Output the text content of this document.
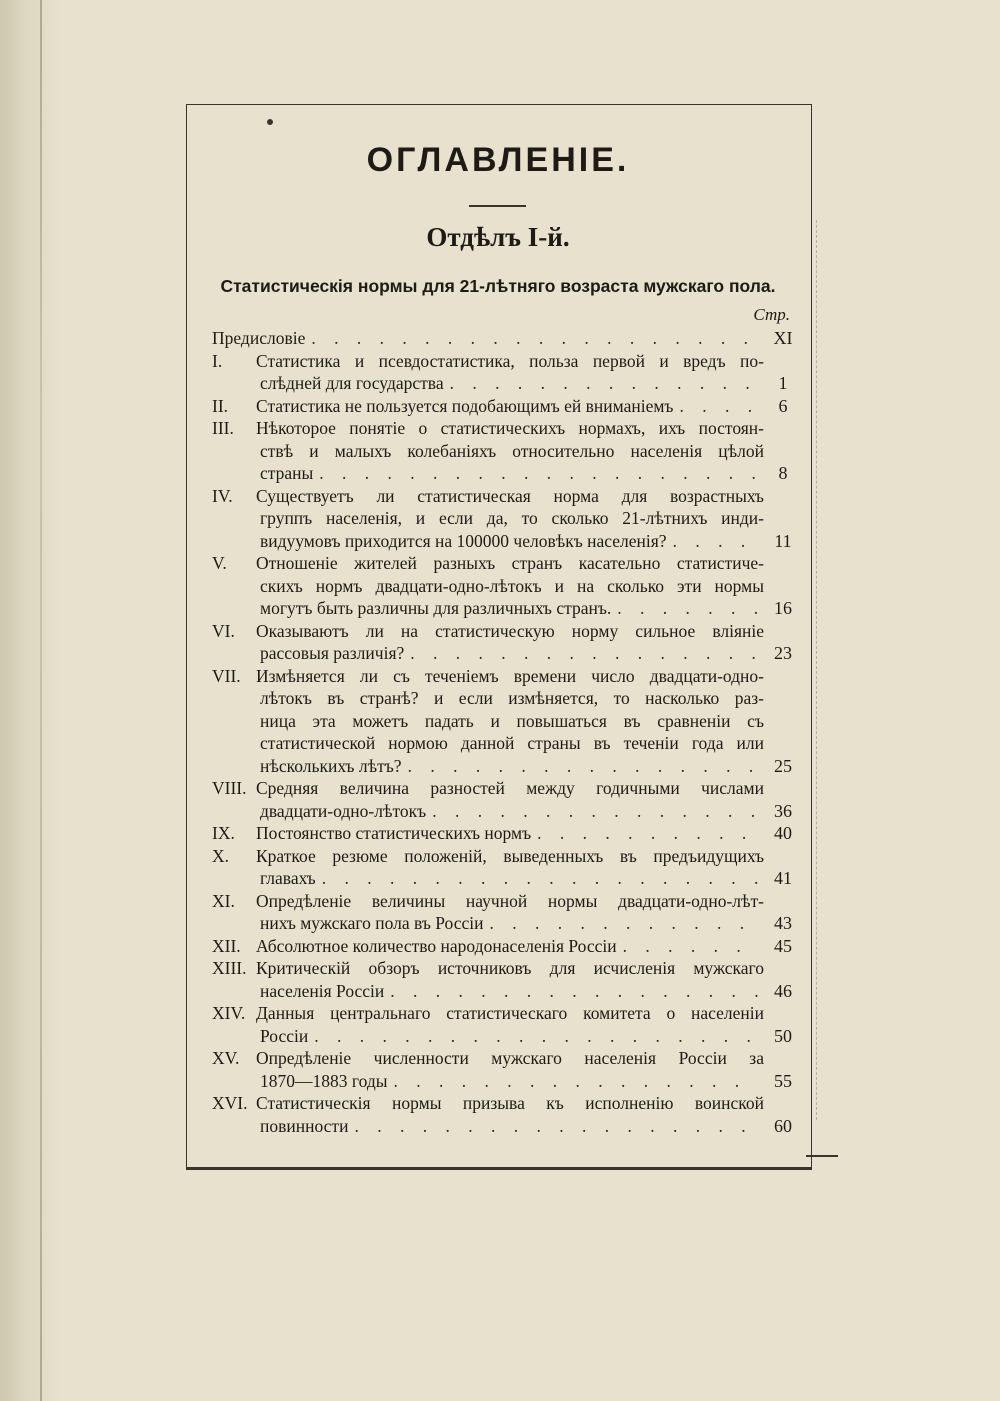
ОГЛАВЛЕНІЕ.
Отдѣлъ I-й.
Статистическія нормы для 21-лѣтняго возраста мужскаго пола.
Стр.
Предисловіе . . .	XI
I.	Статистика и псевдостатистика, польза первой и вредъ по-
слѣдней для государства . . .	1
II.	Статистика не пользуется подобающимъ ей вниманіемъ . . .	6
III.	Нѣкоторое понятіе о статистическихъ нормахъ, ихъ постоян-
ствѣ и малыхъ колебаніяхъ относительно населенія цѣлой
страны . . .	8
IV.	Существуетъ ли статистическая норма для возрастныхъ
группъ населенія, и если да, то сколько 21-лѣтнихъ инди-
видуумовъ приходится на 100000 человѣкъ населенія? . . .	11
V.	Отношеніе жителей разныхъ странъ касательно статистиче-
скихъ нормъ двадцати-одно-лѣтокъ и на сколько эти нормы
могутъ быть различны для различныхъ странъ. . . .	16
VI.	Оказываютъ ли на статистическую норму сильное вліяніе
рассовыя различія? . . .	23
VII. Измѣняется ли съ теченіемъ времени число двадцати-одно-
лѣтокъ въ странѣ? и если измѣняется, то насколько раз-
ница эта можетъ падать и повышаться въ сравненіи съ
статистической нормою данной страны въ теченіи года или
нѣсколькихъ лѣтъ? . . .	25
VIII. Средняя величина разностей между годичными числами
двадцати-одно-лѣтокъ . . .	36
IX.	Постоянство статистическихъ нормъ . . .	40
X.	Краткое резюме положеній, выведенныхъ въ предъидущихъ
главахъ . . .	41
XI.	Опредѣленіе величины научной нормы двадцати-одно-лѣт-
нихъ мужскаго пола въ Россіи . . .	43
XII. Абсолютное количество народонаселенія Россіи . . .	45
XIII. Критическій обзоръ источниковъ для исчисленія мужскаго
населенія Россіи . . .	46
XIV. Данныя центральнаго статистическаго комитета о населеніи
Россіи . . .	50
XV. Опредѣленіе численности мужскаго населенія Россіи за
1870—1883 годы . . .	55
XVI. Статистическія нормы призыва къ исполненію воинской
повинности . . .	60
